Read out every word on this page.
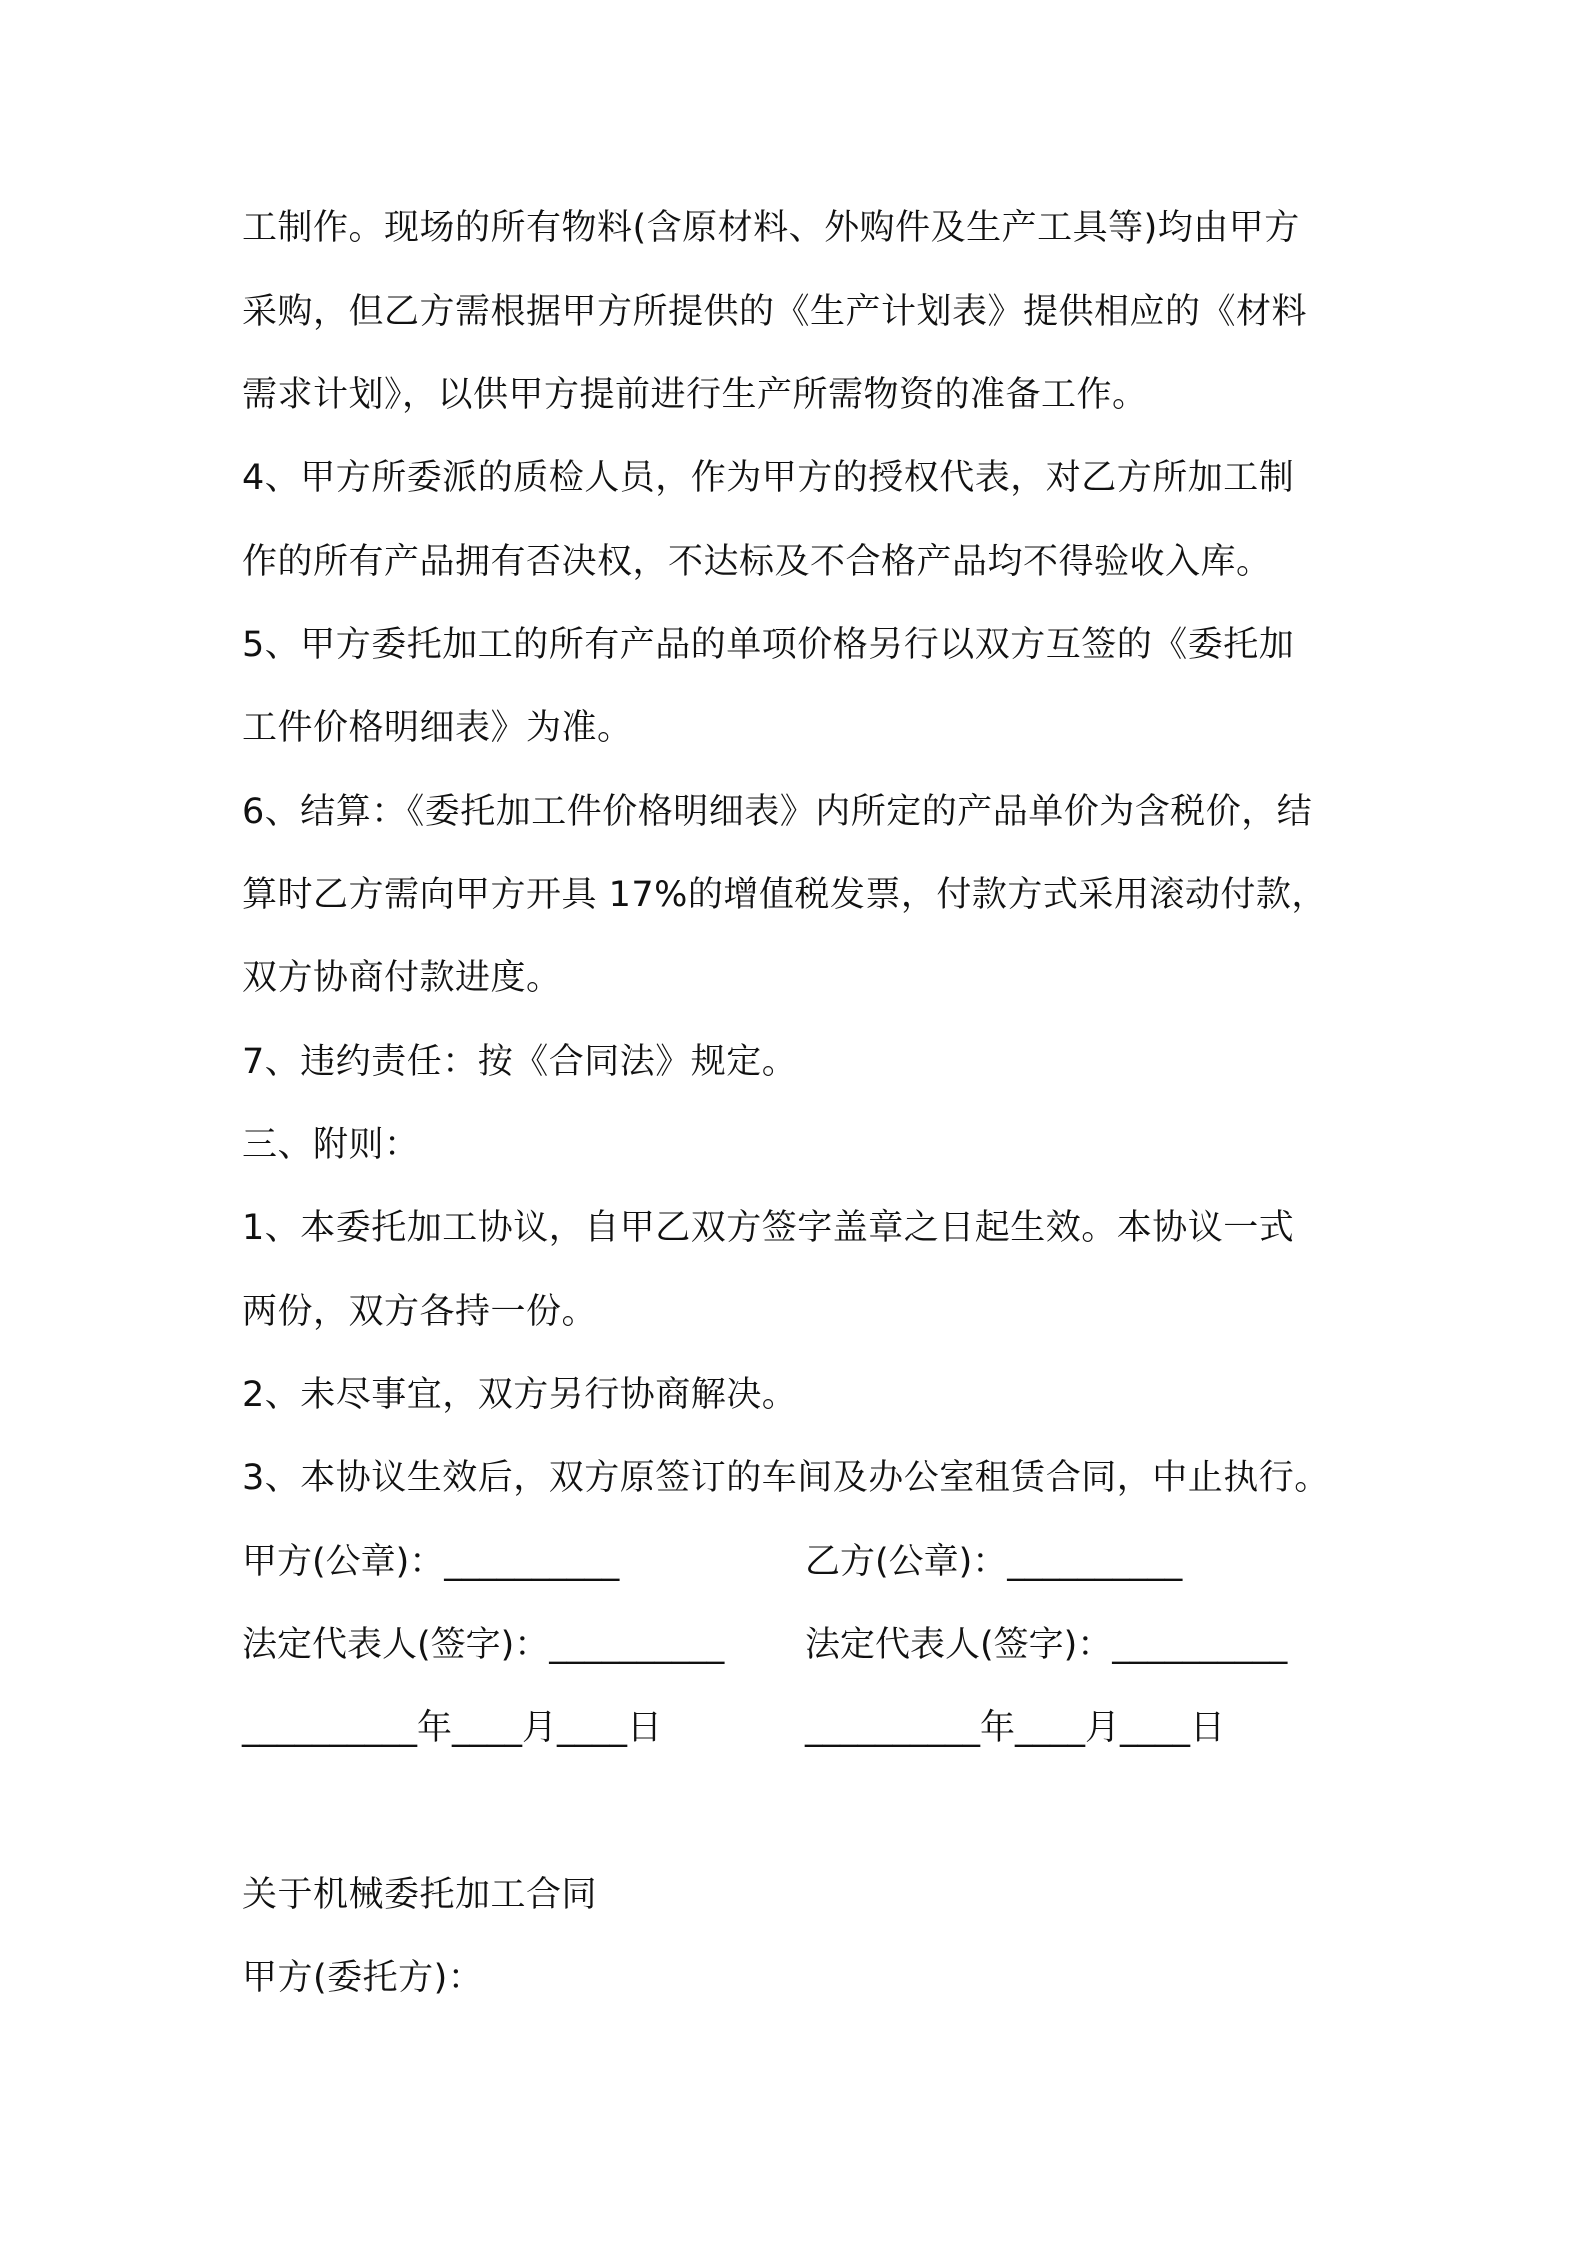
工制作。现场的所有物料(含原材料、外购件及生产工具等)均由甲方
采购，但乙方需根据甲方所提供的《生产计划表》提供相应的《材料
需求计划》，以供甲方提前进行生产所需物资的准备工作。
4、甲方所委派的质检人员，作为甲方的授权代表，对乙方所加工制
作的所有产品拥有否决权，不达标及不合格产品均不得验收入库。
5、甲方委托加工的所有产品的单项价格另行以双方互签的《委托加
工件价格明细表》为准。
6、结算：《委托加工件价格明细表》内所定的产品单价为含税价，结
算时乙方需向甲方开具 17%的增值税发票，付款方式采用滚动付款，
双方协商付款进度。
7、违约责任：按《合同法》规定。
三、附则：
1、本委托加工协议，自甲乙双方签字盖章之日起生效。本协议一式
两份，双方各持一份。
2、未尽事宜，双方另行协商解决。
3、本协议生效后，双方原签订的车间及办公室租赁合同，中止执行。
甲方(公章)：__________	乙方(公章)：__________
法定代表人(签字)：__________ 法定代表人(签字)：__________
__________年____月____日	__________年____月____日
关于机械委托加工合同
甲方(委托方)：
